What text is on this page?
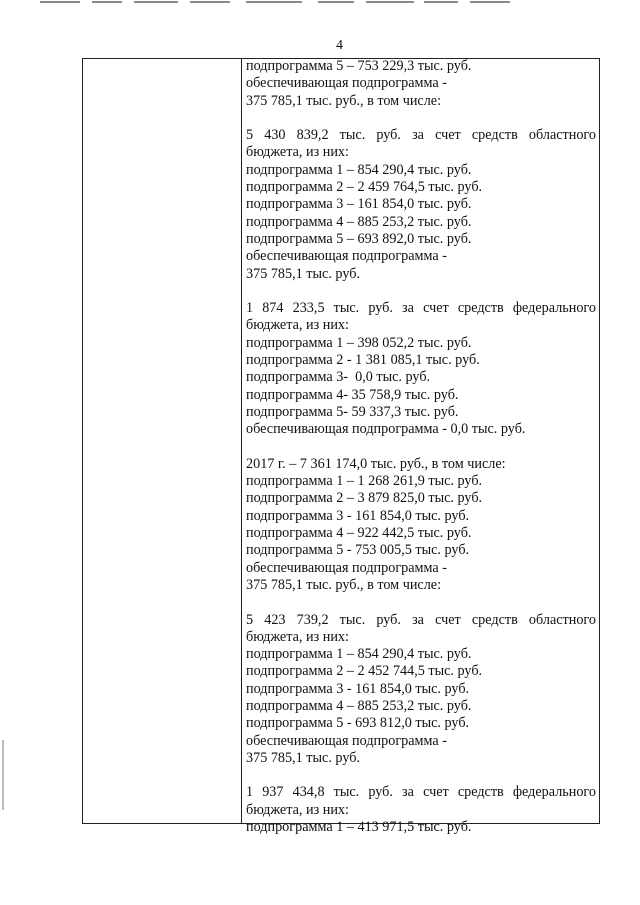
4
подпрограмма 5 – 753 229,3 тыс. руб.
обеспечивающая подпрограмма -
375 785,1 тыс. руб., в том числе:
5 430 839,2 тыс. руб. за счет средств областного
бюджета, из них:
подпрограмма 1 – 854 290,4 тыс. руб.
подпрограмма 2 – 2 459 764,5 тыс. руб.
подпрограмма 3 – 161 854,0 тыс. руб.
подпрограмма 4 – 885 253,2 тыс. руб.
подпрограмма 5 – 693 892,0 тыс. руб.
обеспечивающая подпрограмма -
375 785,1 тыс. руб.
1 874 233,5 тыс. руб. за счет средств федерального
бюджета, из них:
подпрограмма 1 – 398 052,2 тыс. руб.
подпрограмма 2 - 1 381 085,1 тыс. руб.
подпрограмма 3-  0,0 тыс. руб.
подпрограмма 4- 35 758,9 тыс. руб.
подпрограмма 5- 59 337,3 тыс. руб.
обеспечивающая подпрограмма - 0,0 тыс. руб.
2017 г. – 7 361 174,0 тыс. руб., в том числе:
подпрограмма 1 – 1 268 261,9 тыс. руб.
подпрограмма 2 – 3 879 825,0 тыс. руб.
подпрограмма 3 - 161 854,0 тыс. руб.
подпрограмма 4 – 922 442,5 тыс. руб.
подпрограмма 5 - 753 005,5 тыс. руб.
обеспечивающая подпрограмма -
375 785,1 тыс. руб., в том числе:
5 423 739,2 тыс. руб. за счет средств областного
бюджета, из них:
подпрограмма 1 – 854 290,4 тыс. руб.
подпрограмма 2 – 2 452 744,5 тыс. руб.
подпрограмма 3 - 161 854,0 тыс. руб.
подпрограмма 4 – 885 253,2 тыс. руб.
подпрограмма 5 - 693 812,0 тыс. руб.
обеспечивающая подпрограмма -
375 785,1 тыс. руб.
1 937 434,8 тыс. руб. за счет средств федерального
бюджета, из них:
подпрограмма 1 – 413 971,5 тыс. руб.
